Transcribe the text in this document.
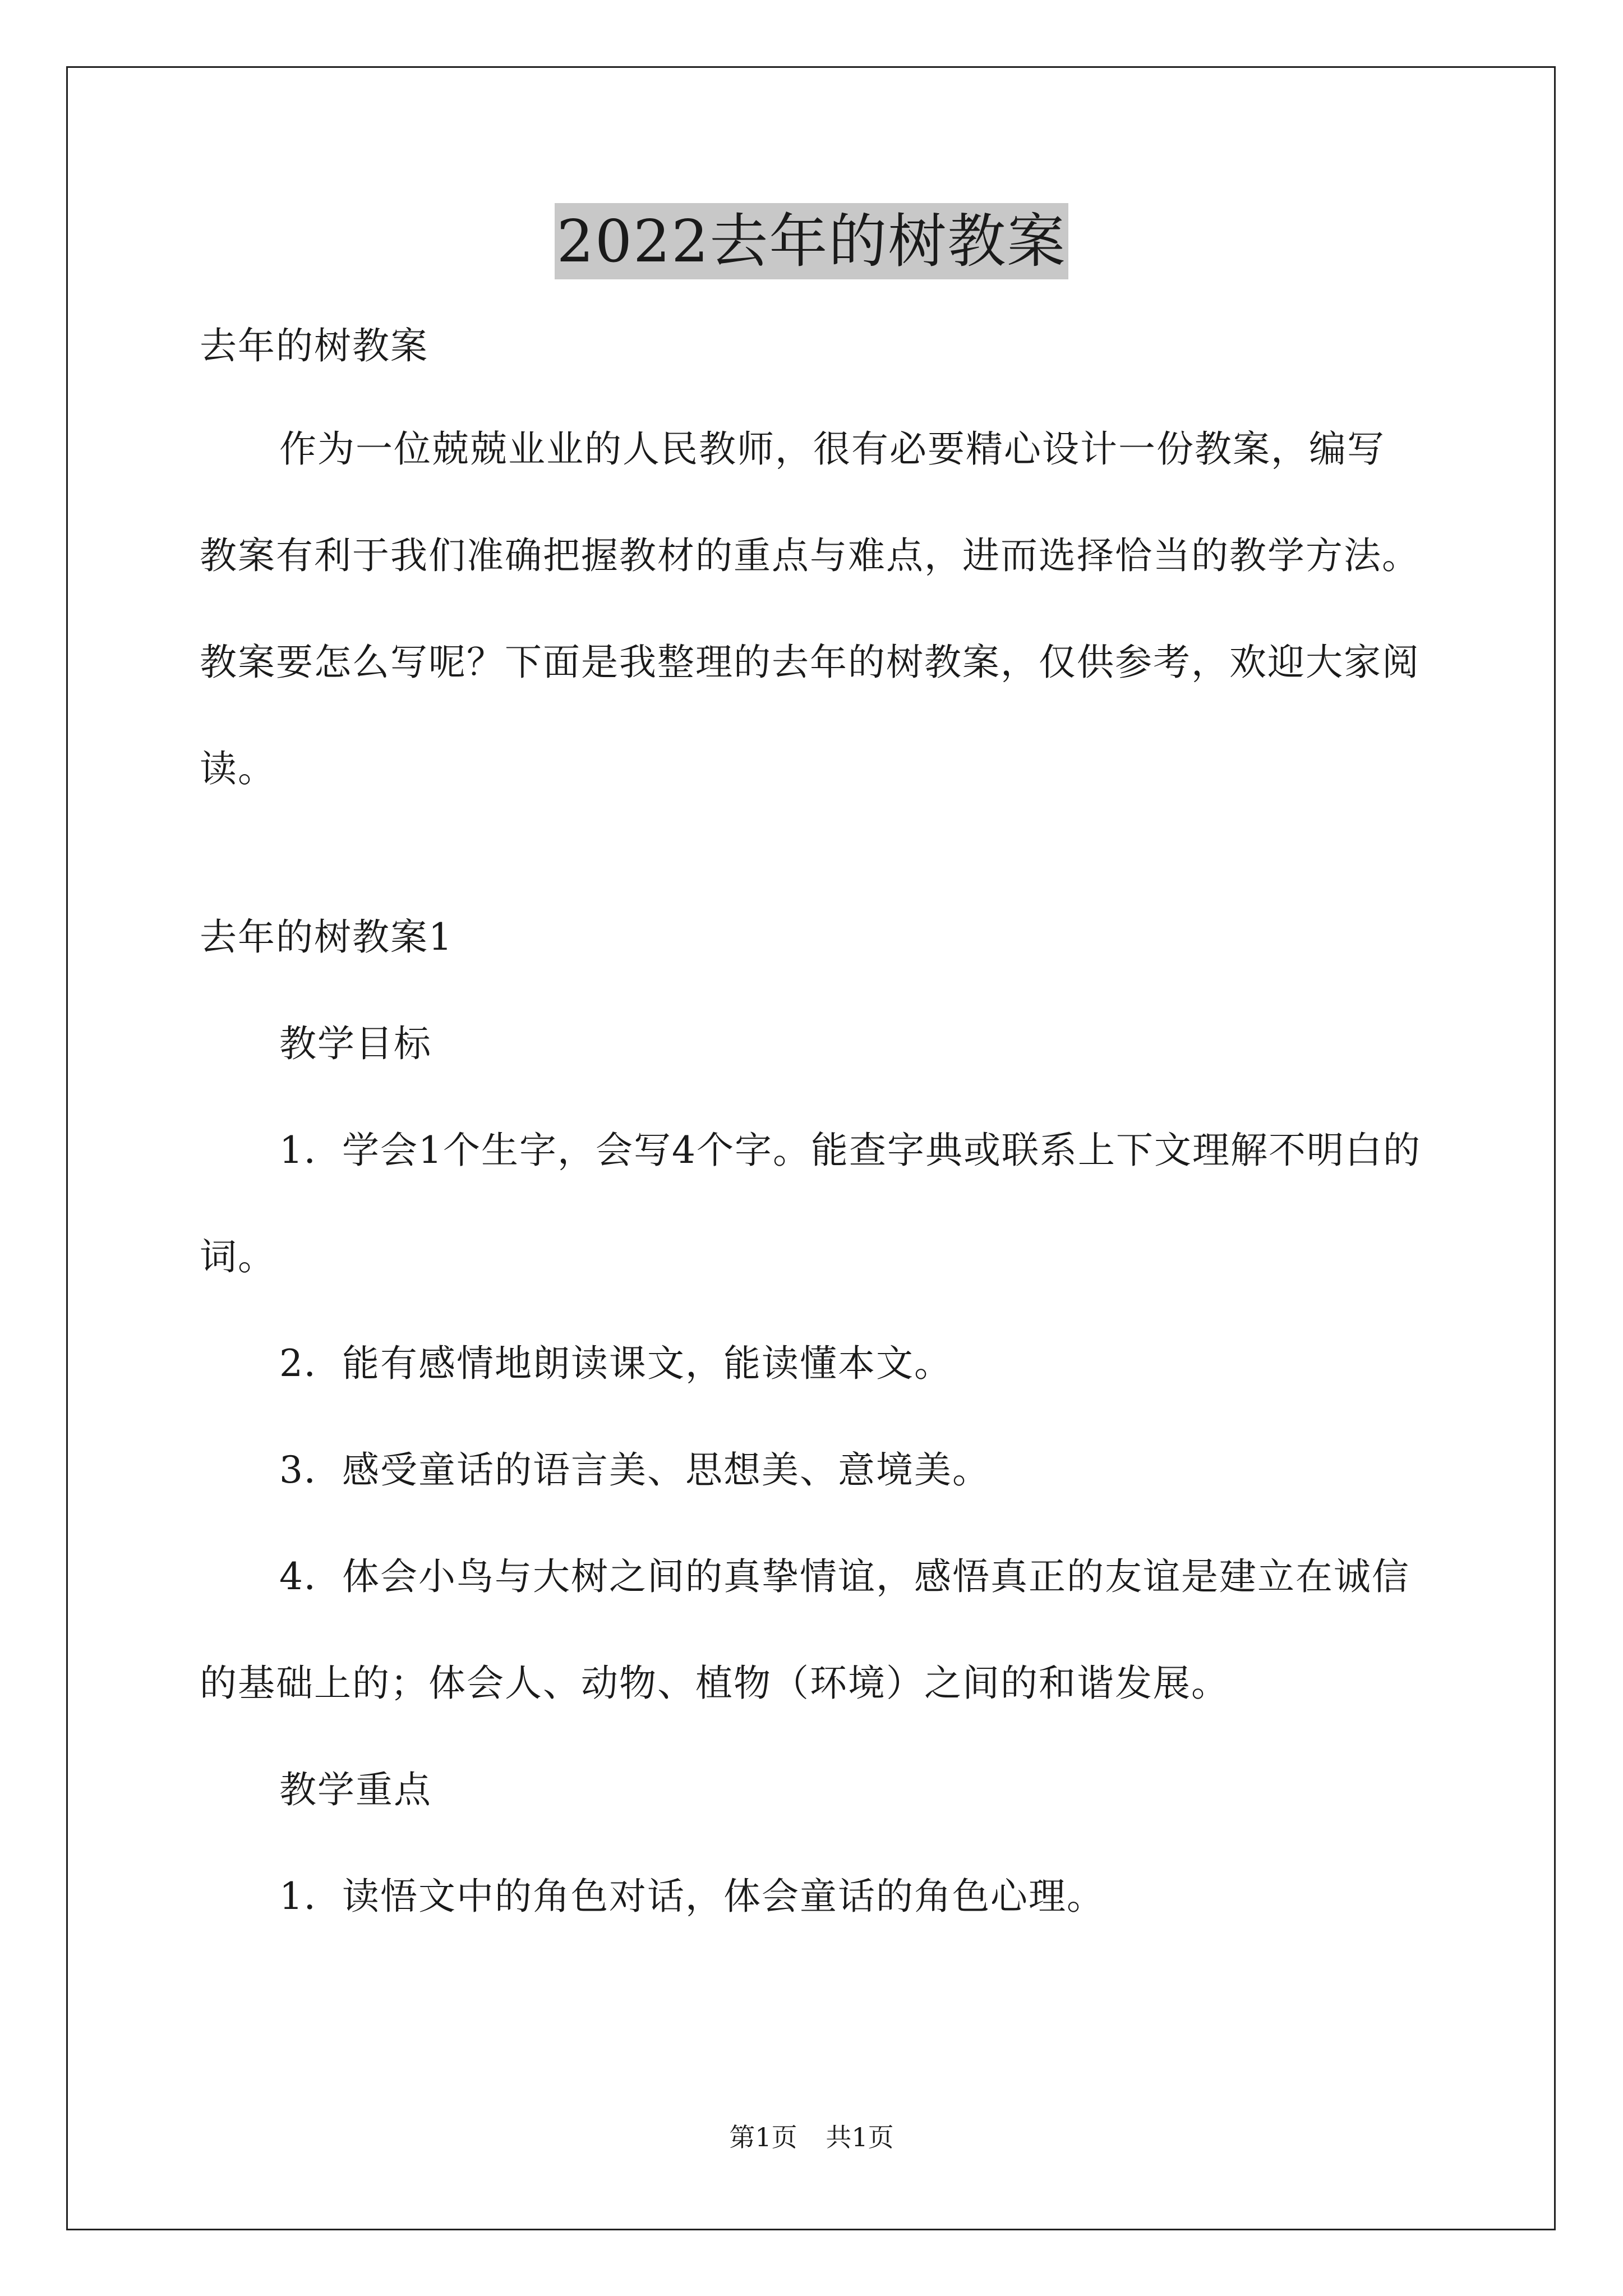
2022去年的树教案

去年的树教案

作为一位兢兢业业的人民教师，很有必要精心设计一份教案，编写教案有利于我们准确把握教材的重点与难点，进而选择恰当的教学方法。教案要怎么写呢？下面是我整理的去年的树教案，仅供参考，欢迎大家阅读。

去年的树教案1

教学目标

1．学会1个生字，会写4个字。能查字典或联系上下文理解不明白的词。

2．能有感情地朗读课文，能读懂本文。

3．感受童话的语言美、思想美、意境美。

4．体会小鸟与大树之间的真挚情谊，感悟真正的友谊是建立在诚信的基础上的；体会人、动物、植物（环境）之间的和谐发展。

教学重点

1．读悟文中的角色对话，体会童话的角色心理。

第1页 共1页
